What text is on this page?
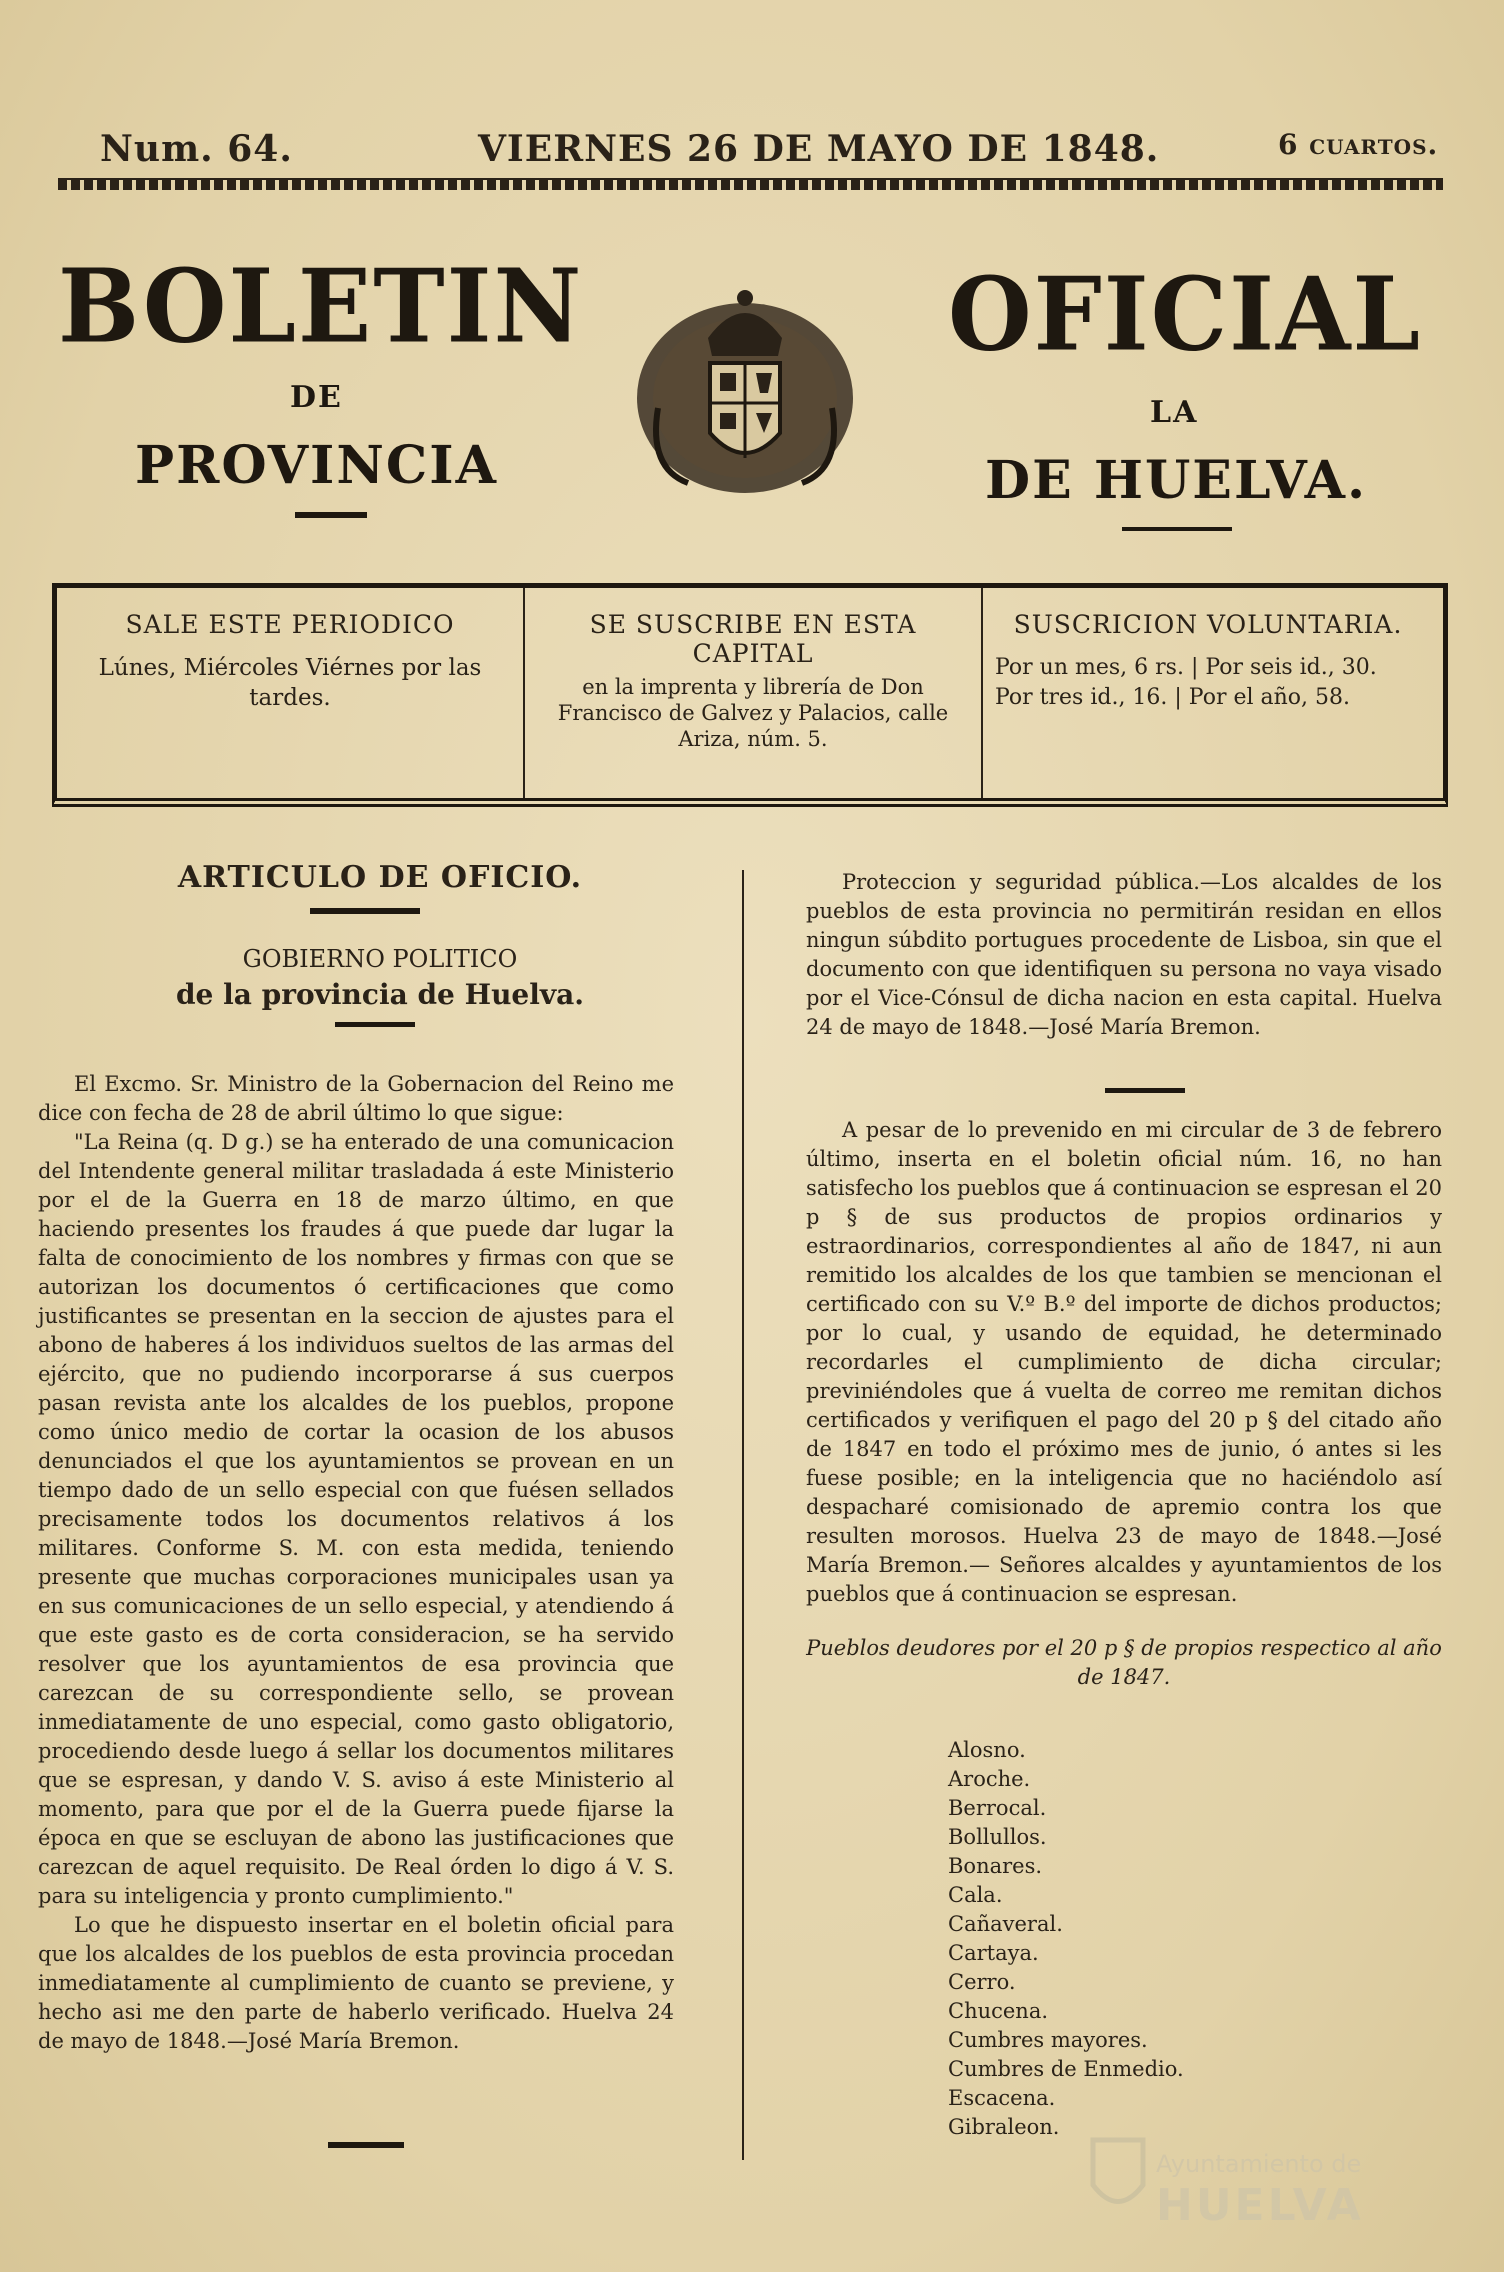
Num. 64.	VIERNES 26 DE MAYO DE 1848.	6 cuartos.
BOLETIN
DE
PROVINCIA
OFICIAL
LA
DE HUELVA.
SALE ESTE PERIODICO
Lúnes, Miércoles Viérnes por las tardes.
SE SUSCRIBE EN ESTA CAPITAL
en la imprenta y librería de Don Francisco de Galvez y Palacios, calle Ariza, núm. 5.
SUSCRICION VOLUNTARIA.
Por un mes, 6 rs. | Por seis id., 30.
Por tres id., 16. | Por el año, 58.
ARTICULO DE OFICIO.
GOBIERNO POLITICO
de la provincia de Huelva.

El Excmo. Sr. Ministro de la Gobernacion del Reino me dice con fecha de 28 de abril último lo que sigue:

"La Reina (q. D g.) se ha enterado de una comunicacion del Intendente general militar trasladada á este Ministerio por el de la Guerra en 18 de marzo último, en que haciendo presentes los fraudes á que puede dar lugar la falta de conocimiento de los nombres y firmas con que se autorizan los documentos ó certificaciones que como justificantes se presentan en la seccion de ajustes para el abono de haberes á los individuos sueltos de las armas del ejército, que no pudiendo incorporarse á sus cuerpos pasan revista ante los alcaldes de los pueblos, propone como único medio de cortar la ocasion de los abusos denunciados el que los ayuntamientos se provean en un tiempo dado de un sello especial con que fuésen sellados precisamente todos los documentos relativos á los militares. Conforme S. M. con esta medida, teniendo presente que muchas corporaciones municipales usan ya en sus comunicaciones de un sello especial, y atendiendo á que este gasto es de corta consideracion, se ha servido resolver que los ayuntamientos de esa provincia que carezcan de su correspondiente sello, se provean inmediatamente de uno especial, como gasto obligatorio, procediendo desde luego á sellar los documentos militares que se espresan, y dando V. S. aviso á este Ministerio al momento, para que por el de la Guerra puede fijarse la época en que se escluyan de abono las justificaciones que carezcan de aquel requisito. De Real órden lo digo á V. S. para su inteligencia y pronto cumplimiento."

Lo que he dispuesto insertar en el boletin oficial para que los alcaldes de los pueblos de esta provincia procedan inmediatamente al cumplimiento de cuanto se previene, y hecho asi me den parte de haberlo verificado. Huelva 24 de mayo de 1848.—José María Bremon.

Proteccion y seguridad pública.—Los alcaldes de los pueblos de esta provincia no permitirán residan en ellos ningun súbdito portugues procedente de Lisboa, sin que el documento con que identifiquen su persona no vaya visado por el Vice-Cónsul de dicha nacion en esta capital. Huelva 24 de mayo de 1848.—José María Bremon.

A pesar de lo prevenido en mi circular de 3 de febrero último, inserta en el boletin oficial núm. 16, no han satisfecho los pueblos que á continuacion se espresan el 20 p § de sus productos de propios ordinarios y estraordinarios, correspondientes al año de 1847, ni aun remitido los alcaldes de los que tambien se mencionan el certificado con su V.º B.º del importe de dichos productos; por lo cual, y usando de equidad, he determinado recordarles el cumplimiento de dicha circular; previniéndoles que á vuelta de correo me remitan dichos certificados y verifiquen el pago del 20 p § del citado año de 1847 en todo el próximo mes de junio, ó antes si les fuese posible; en la inteligencia que no haciéndolo así despacharé comisionado de apremio contra los que resulten morosos. Huelva 23 de mayo de 1848.—José María Bremon.— Señores alcaldes y ayuntamientos de los pueblos que á continuacion se espresan.

Pueblos deudores por el 20 p § de propios respectico al año de 1847.
Alosno.
Aroche.
Berrocal.
Bollullos.
Bonares.
Cala.
Cañaveral.
Cartaya.
Cerro.
Chucena.
Cumbres mayores.
Cumbres de Enmedio.
Escacena.
Gibraleon.
Ayuntamiento de
HUELVA
